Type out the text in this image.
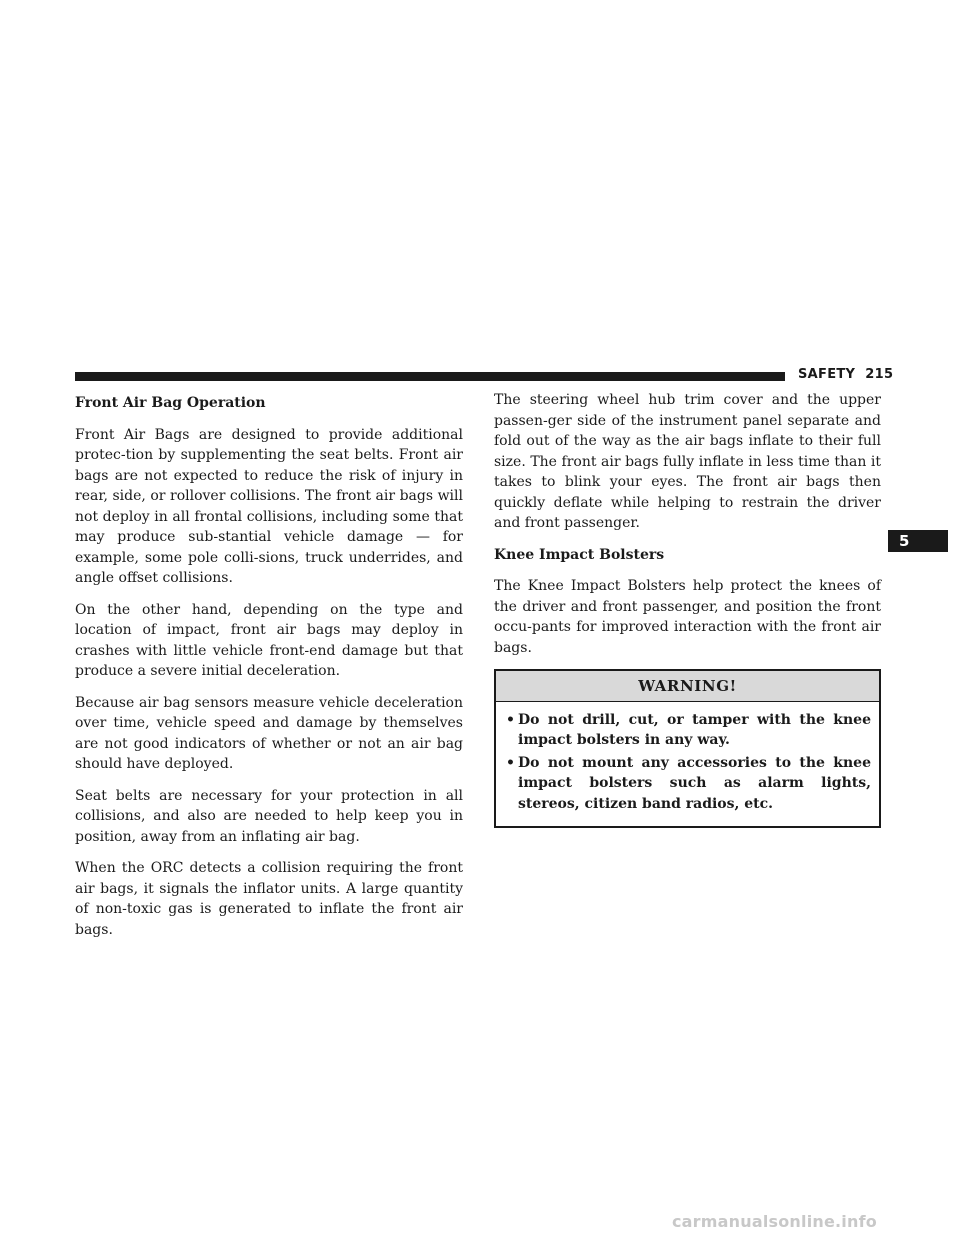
SAFETY 215
5
Front Air Bag Operation

Front Air Bags are designed to provide additional protec-tion by supplementing the seat belts. Front air bags are not expected to reduce the risk of injury in rear, side, or rollover collisions. The front air bags will not deploy in all frontal collisions, including some that may produce sub-stantial vehicle damage — for example, some pole colli-sions, truck underrides, and angle offset collisions.

On the other hand, depending on the type and location of impact, front air bags may deploy in crashes with little vehicle front-end damage but that produce a severe initial deceleration.

Because air bag sensors measure vehicle deceleration over time, vehicle speed and damage by themselves are not good indicators of whether or not an air bag should have deployed.

Seat belts are necessary for your protection in all collisions, and also are needed to help keep you in position, away from an inflating air bag.

When the ORC detects a collision requiring the front air bags, it signals the inflator units. A large quantity of non-toxic gas is generated to inflate the front air bags.

The steering wheel hub trim cover and the upper passen-ger side of the instrument panel separate and fold out of the way as the air bags inflate to their full size. The front air bags fully inflate in less time than it takes to blink your eyes. The front air bags then quickly deflate while helping to restrain the driver and front passenger.

Knee Impact Bolsters

The Knee Impact Bolsters help protect the knees of the driver and front passenger, and position the front occu-pants for improved interaction with the front air bags.

WARNING!
• Do not drill, cut, or tamper with the knee impact bolsters in any way.
• Do not mount any accessories to the knee impact bolsters such as alarm lights, stereos, citizen band radios, etc.
carmanualsonline.info
